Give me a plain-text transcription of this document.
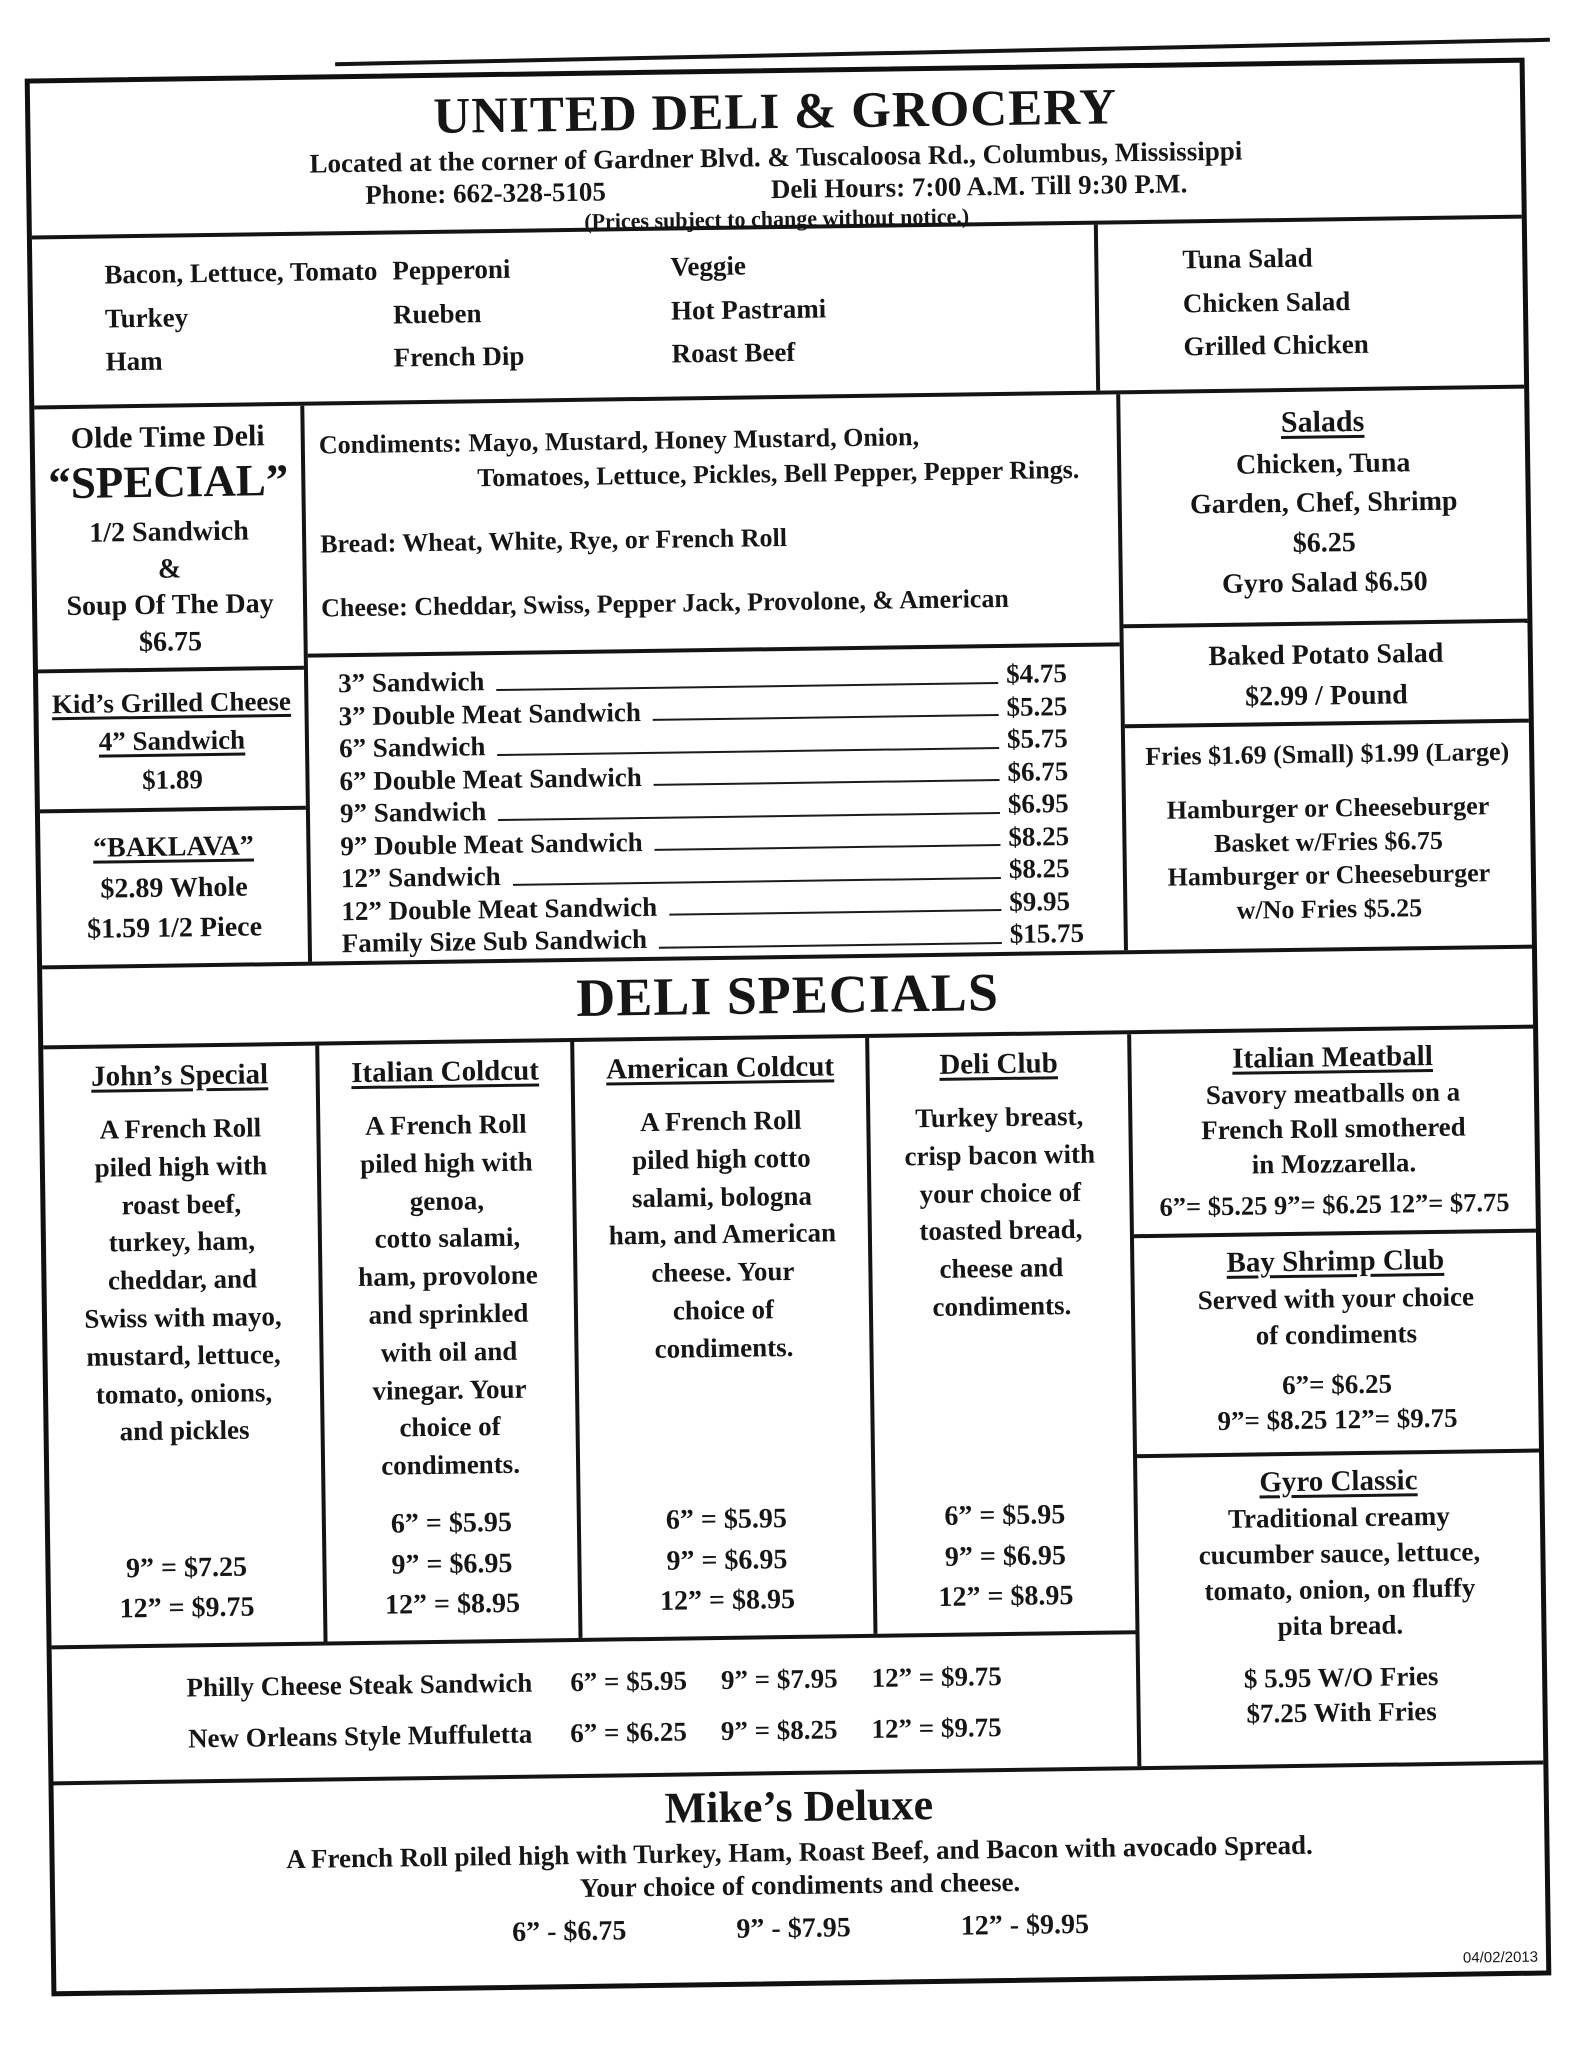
UNITED DELI & GROCERY
Located at the corner of Gardner Blvd. & Tuscaloosa Rd., Columbus, Mississippi
Phone: 662-328-5105	Deli Hours: 7:00 A.M. Till 9:30 P.M.
(Prices subject to change without notice.)
Bacon, Lettuce, Tomato
Turkey
Ham
Pepperoni
Rueben
French Dip
Veggie
Hot Pastrami
Roast Beef
Tuna Salad
Chicken Salad
Grilled Chicken
Olde Time Deli
“SPECIAL”
1/2 Sandwich
&
Soup Of The Day
$6.75
Kid’s Grilled Cheese
4” Sandwich
$1.89
“BAKLAVA”
$2.89 Whole
$1.59 1/2 Piece
Condiments: Mayo, Mustard, Honey Mustard, Onion,
Tomatoes, Lettuce, Pickles, Bell Pepper, Pepper Rings.
Bread: Wheat, White, Rye, or French Roll
Cheese: Cheddar, Swiss, Pepper Jack, Provolone, & American
3” Sandwich	$4.75
3” Double Meat Sandwich	$5.25
6” Sandwich	$5.75
6” Double Meat Sandwich	$6.75
9” Sandwich	$6.95
9” Double Meat Sandwich	$8.25
12” Sandwich	$8.25
12” Double Meat Sandwich	$9.95
Family Size Sub Sandwich	$15.75
Salads
Chicken, Tuna
Garden, Chef, Shrimp
$6.25
Gyro Salad $6.50
Baked Potato Salad
$2.99 / Pound
Fries $1.69 (Small) $1.99 (Large)
Hamburger or Cheeseburger
Basket w/Fries $6.75
Hamburger or Cheeseburger
w/No Fries $5.25
DELI SPECIALS
John’s Special
A French Roll
piled high with
roast beef,
turkey, ham,
cheddar, and
Swiss with mayo,
mustard, lettuce,
tomato, onions,
and pickles
9” = $7.25
12” = $9.75
Italian Coldcut
A French Roll
piled high with
genoa,
cotto salami,
ham, provolone
and sprinkled
with oil and
vinegar. Your
choice of
condiments.
6” = $5.95
9” = $6.95
12” = $8.95
American Coldcut
A French Roll
piled high cotto
salami, bologna
ham, and American
cheese. Your
choice of
condiments.
6” = $5.95
9” = $6.95
12” = $8.95
Deli Club
Turkey breast,
crisp bacon with
your choice of
toasted bread,
cheese and
condiments.
6” = $5.95
9” = $6.95
12” = $8.95
Philly Cheese Steak Sandwich 6” = $5.95 9” = $7.95 12” = $9.75
New Orleans Style Muffuletta 6” = $6.25 9” = $8.25 12” = $9.75
Italian Meatball
Savory meatballs on a
French Roll smothered
in Mozzarella.
6”= $5.25 9”= $6.25 12”= $7.75
Bay Shrimp Club
Served with your choice
of condiments
6”= $6.25
9”= $8.25 12”= $9.75
Gyro Classic
Traditional creamy
cucumber sauce, lettuce,
tomato, onion, on fluffy
pita bread.
$ 5.95 W/O Fries
$7.25 With Fries
Mike’s Deluxe
A French Roll piled high with Turkey, Ham, Roast Beef, and Bacon with avocado Spread.
Your choice of condiments and cheese.
6” - $6.75	9” - $7.95	12” - $9.95
04/02/2013
